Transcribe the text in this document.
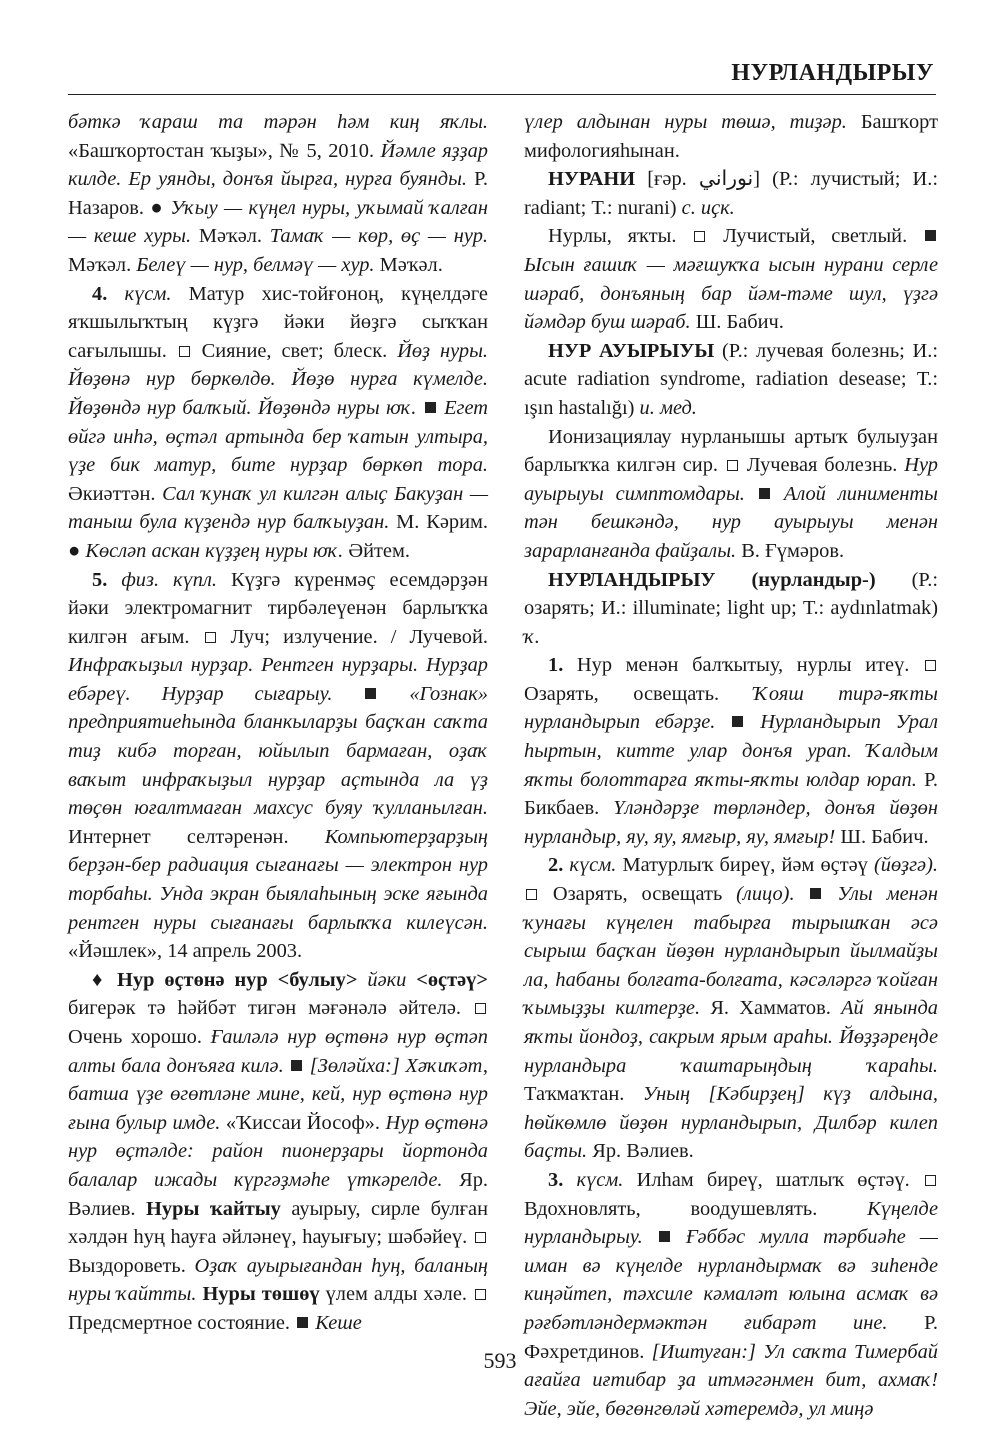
НУРЛАНДЫРЫУ

бәткә ҡараш та тәрән һәм киң яҡлы. «Башҡортостан ҡыҙы», № 5, 2010. Йәмле яҙҙар килде. Ер уянды, донъя йырға, нурға буянды. Р. Назаров. ● Уҡыу — күңел нуры, уҡымай ҡалған — кеше хуры. Мәҡәл. Тамаҡ — көр, өҫ — нур. Мәҡәл. Белеү — нур, белмәү — хур. Мәҡәл.

4. күсм. Матур хис-тойғоноң, күңелдәге яҡшылыҡтың күҙгә йәки йөҙгә сыҡҡан сағылышы.  Сияние, свет; блеск. Йөҙ нуры. Йөҙөнә нур бөркөлдө. Йөҙө нурға күмелде. Йөҙөндә нур балҡый. Йөҙөндә нуры юҡ. Егет өйгә инһә, өҫтәл артында бер ҡатын ултыра, үҙе бик матур, бите нурҙар бөркөп тора. Әкиәттән. Сал ҡунаҡ ул килгән алыҫ Бакуҙан — таныш була күҙендә нур балҡыуҙан. М. Кәрим. ● Көсләп аскан күҙҙең нуры юҡ. Әйтем.

5. физ. күпл. Күҙгә күренмәҫ есемдәрҙән йәки электромагнит тирбәлеүенән барлыҡҡа килгән ағым.  Луч; излучение. / Лучевой. Инфраҡыҙыл нурҙар. Рентген нурҙары. Нурҙар ебәреү. Нурҙар сығарыу.	«Гознак» предприятиеһында бланкыларҙы баҫҡан саҡта тиҙ кибә торған, юйылып бармаған, оҙаҡ ваҡыт инфраҡыҙыл нурҙар аҫтында ла үҙ төҫөн юғалтмаған махсус буяу ҡулланылған. Интернет селтәренән. Компьютерҙарҙың берҙән-бер радиация сығанағы — электрон нур торбаһы. Унда экран быялаһының эске яғында рентген нуры сығанағы барлыҡҡа килеүсән. «Йәшлек», 14 апрель 2003.

♦ Нур өҫтөнә нур <булыу> йәки <өҫтәү> бигерәк тә һәйбәт тигән мәғәнәлә әйтелә.  Очень хорошо. Ғаиләлә нур өҫтөнә нур өҫтәп алты бала донъяға килә. [Зөләйха:] Хәҡиҡәт, батша үҙе өгөтләне мине, кей, нур өҫтөнә нур ғына булыр имде. «Ҡиссаи Йософ». Нур өҫтөнә нур өҫтәлде: район пионерҙары йортонда балалар ижады күргәҙмәһе үткәрелде. Яр. Вәлиев. Нуры ҡайтыу ауырыу, сирле булған хәлдән һуң һауға әйләнеү, һауығыу; шәбәйеү.  Выздороветь. Оҙаҡ ауырығандан һуң, баланың нуры ҡайтты. Нуры төшөү үлем алды хәле.  Предсмертное состояние.  Кеше

үлер алдынан нуры төшә, тиҙәр. Башҡорт мифологияһынан.

НУРАНИ [ғәр. نوراني] (Р.: лучистый; И.: radiant; Т.: nurani) с. иҫк.

Нурлы, яҡты.  Лучистый, светлый.  Ысын ғашиҡ — мәғшуҡҡа ысын нурани серле шәраб, донъяның бар йәм-тәме шул, үҙгә йәмдәр буш шәраб. Ш. Бабич.

НУР АУЫРЫУЫ (Р.: лучевая болезнь; И.: acute radiation syndrome, radiation desease; Т.: ışın hastalığı) и. мед.

Ионизациялау нурланышы артыҡ булыуҙан барлыҡҡа килгән сир.  Лучевая болезнь. Нур ауырыуы симптомдары. Алой линименты тән бешкәндә, нур ауырыуы менән зарарланғанда файҙалы. В. Ғүмәров.

НУРЛАНДЫРЫУ (нурландыр-) (Р.: озарять; И.: illuminate; light up; Т.: aydınlatmak) ҡ.

1. Нур менән балҡытыу, нурлы итеү.  Озарять, освещать. Ҡояш тирә-яҡты нурландырып ебәрҙе. Нурландырып Урал һыртын, китте улар донъя урап. Ҡалдым яҡты болоттарға яҡты-яҡты юлдар юрап. Р. Бикбаев. Үләндәрҙе төрләндер, донъя йөҙөн нурландыр, яу, яу, ямғыр, яу, ямғыр! Ш. Бабич.

2. күсм. Матурлыҡ биреү, йәм өҫтәү (йөҙгә).  Озарять, освещать (лицо). Улы менән ҡунағы күңелен табырға тырышҡан әсә сырыш баҫҡан йөҙөн нурландырып йылмайҙы ла, һабаны болғата-болғата, кәсәләргә ҡойған ҡымыҙҙы килтерҙе. Я. Хамматов. Ай янында яҡты йондоҙ, сакрым ярым араһы. Йөҙҙәреңде нурландыра ҡаштарыңдың ҡараһы. Таҡмаҡтан. Уның [Кәбирҙең] күҙ алдына, һөйкөмлө йөҙөн нурландырып, Дилбәр килеп баҫты. Яр. Вәлиев.

3. күсм. Илһам биреү, шатлыҡ өҫтәү.  Вдохновлять, воодушевлять. Күңелде нурландырыу. Ғәббәс мулла тәрбиәһе — иман вә күңелде нурландырмаҡ вә зиһенде киңәйтеп, тәхсиле кәмаләт юлына асмаҡ вә рәғбәтләндермәктән ғибарәт ине. Р. Фәхретдинов. [Иштуған:] Ул саҡта Тимербай ағайға иғтибар ҙа итмәгәнмен бит, ахмаҡ! Эйе, эйе, бөгөнгөләй хәтеремдә, ул миңә

593
